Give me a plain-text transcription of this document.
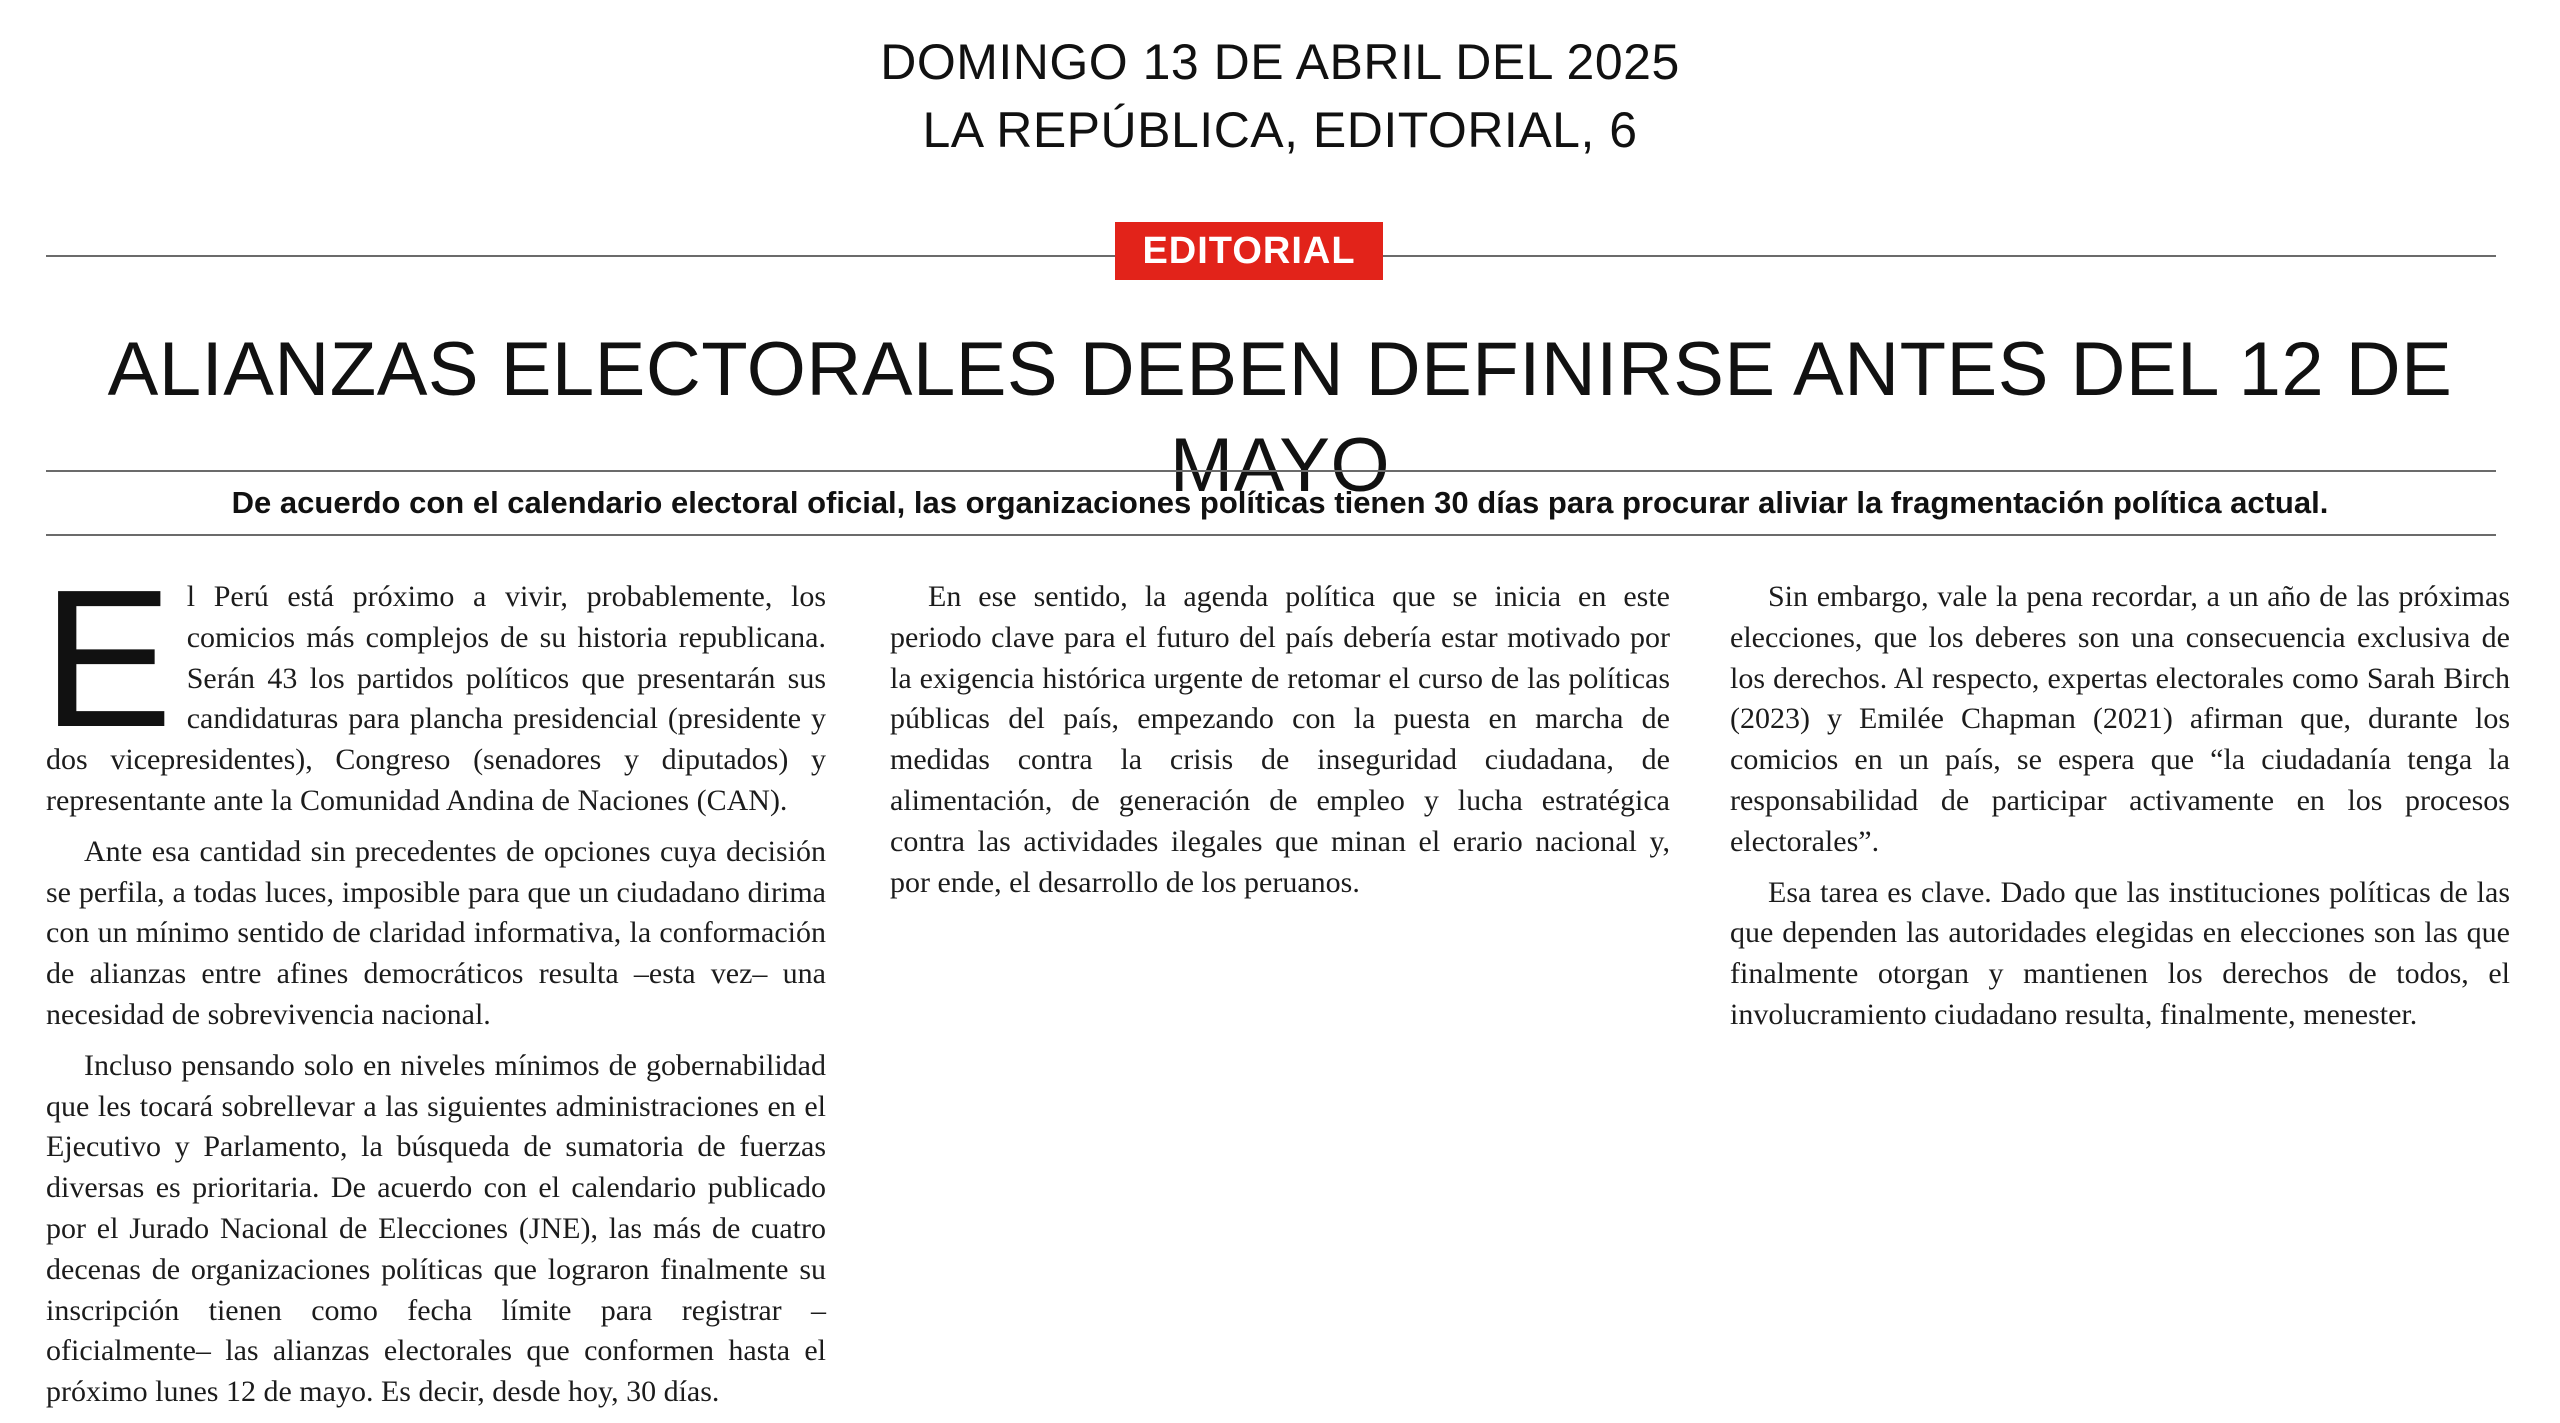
DOMINGO 13 DE ABRIL DEL 2025
LA REPÚBLICA, EDITORIAL, 6
EDITORIAL
ALIANZAS ELECTORALES DEBEN DEFINIRSE ANTES DEL 12 DE MAYO
De acuerdo con el calendario electoral oficial, las organizaciones políticas tienen 30 días para procurar aliviar la fragmentación política actual.

El Perú está próximo a vivir, probablemente, los comicios más complejos de su historia republicana. Serán 43 los partidos políticos que presentarán sus candidaturas para plancha presidencial (presidente y dos vicepresidentes), Congreso (senadores y diputados) y representante ante la Comunidad Andina de Naciones (CAN).

Ante esa cantidad sin precedentes de opciones cuya decisión se perfila, a todas luces, imposible para que un ciudadano dirima con un mínimo sentido de claridad informativa, la conformación de alianzas entre afines democráticos resulta –esta vez– una necesidad de sobrevivencia nacional.

Incluso pensando solo en niveles mínimos de gobernabilidad que les tocará sobrellevar a las siguientes administraciones en el Ejecutivo y Parlamento, la búsqueda de sumatoria de fuerzas diversas es prioritaria. De acuerdo con el calendario publicado por el Jurado Nacional de Elecciones (JNE), las más de cuatro decenas de organizaciones políticas que lograron finalmente su inscripción tienen como fecha límite para registrar –oficialmente– las alianzas electorales que conformen hasta el próximo lunes 12 de mayo. Es decir, desde hoy, 30 días.

En ese sentido, la agenda política que se inicia en este periodo clave para el futuro del país debería estar motivado por la exigencia histórica urgente de retomar el curso de las políticas públicas del país, empezando con la puesta en marcha de medidas contra la crisis de inseguridad ciudadana, de alimentación, de generación de empleo y lucha estratégica contra las actividades ilegales que minan el erario nacional y, por ende, el desarrollo de los peruanos.

Sin embargo, vale la pena recordar, a un año de las próximas elecciones, que los deberes son una consecuencia exclusiva de los derechos. Al respecto, expertas electorales como Sarah Birch (2023) y Emilée Chapman (2021) afirman que, durante los comicios en un país, se espera que “la ciudadanía tenga la responsabilidad de participar activamente en los procesos electorales”.

Esa tarea es clave. Dado que las instituciones políticas de las que dependen las autoridades elegidas en elecciones son las que finalmente otorgan y mantienen los derechos de todos, el involucramiento ciudadano resulta, finalmente, menester.
